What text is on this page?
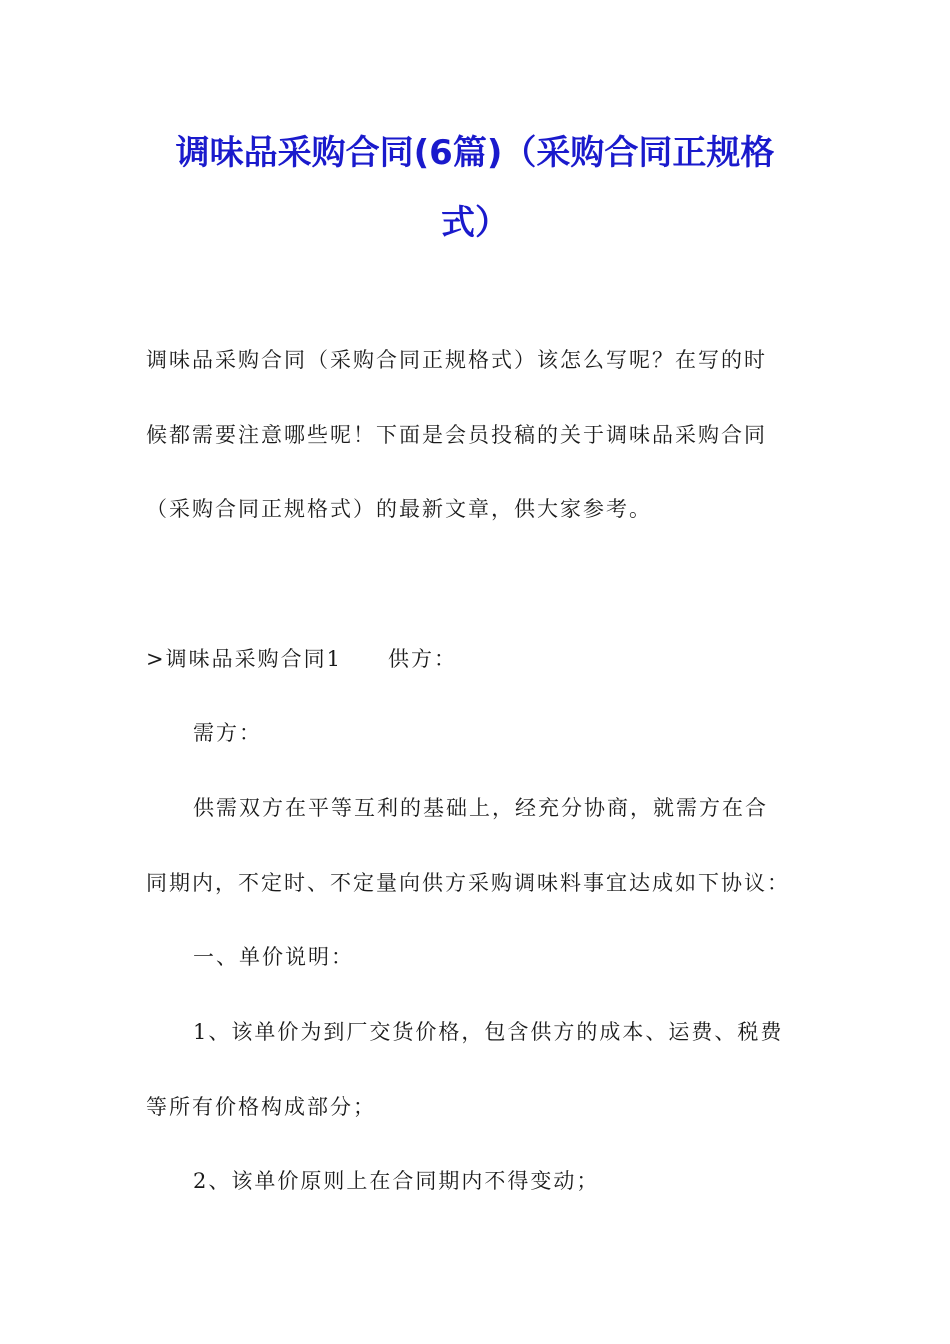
调味品采购合同(6篇)（采购合同正规格
式）
调味品采购合同（采购合同正规格式）该怎么写呢？在写的时
候都需要注意哪些呢！下面是会员投稿的关于调味品采购合同
（采购合同正规格式）的最新文章，供大家参考。
>调味品采购合同1　　供方：
需方：
供需双方在平等互利的基础上，经充分协商，就需方在合
同期内，不定时、不定量向供方采购调味料事宜达成如下协议：
一、单价说明：
1、该单价为到厂交货价格，包含供方的成本、运费、税费
等所有价格构成部分；
2、该单价原则上在合同期内不得变动；
